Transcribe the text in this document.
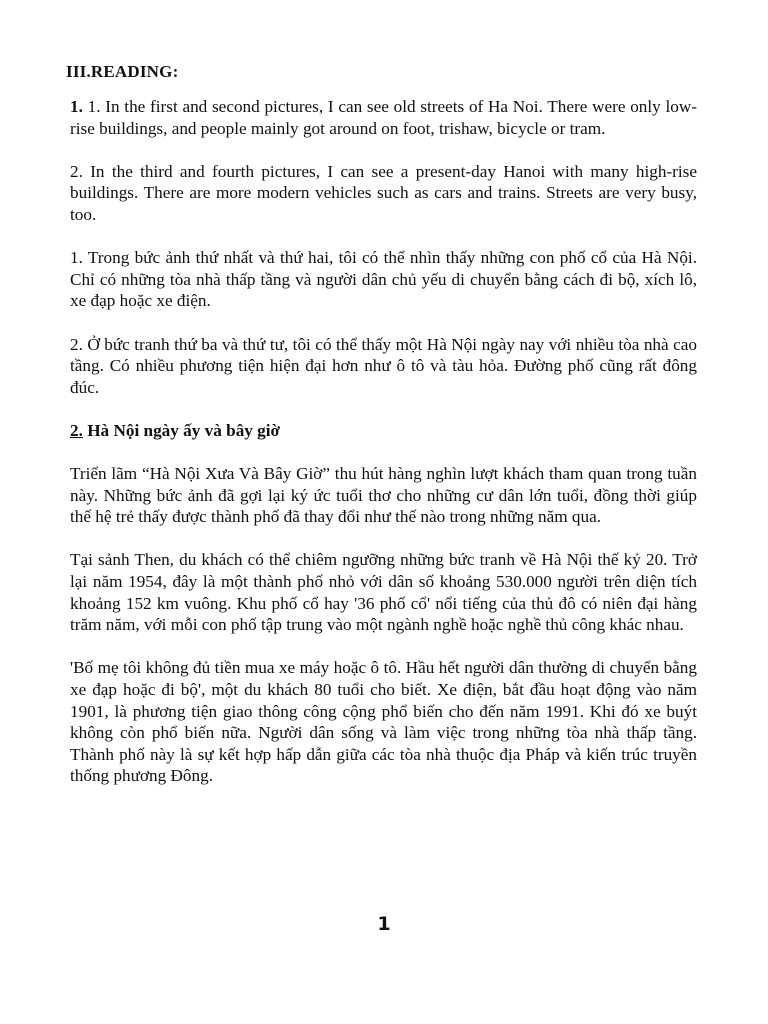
III.READING:

1. 1. In the first and second pictures, I can see old streets of Ha Noi. There were only low-rise buildings, and people mainly got around on foot, trishaw, bicycle or tram.

2. In the third and fourth pictures, I can see a present-day Hanoi with many high-rise buildings. There are more modern vehicles such as cars and trains. Streets are very busy, too.

1. Trong bức ảnh thứ nhất và thứ hai, tôi có thể nhìn thấy những con phố cổ của Hà Nội. Chỉ có những tòa nhà thấp tầng và người dân chủ yếu di chuyển bằng cách đi bộ, xích lô, xe đạp hoặc xe điện.

2. Ở bức tranh thứ ba và thứ tư, tôi có thể thấy một Hà Nội ngày nay với nhiều tòa nhà cao tầng. Có nhiều phương tiện hiện đại hơn như ô tô và tàu hỏa. Đường phố cũng rất đông đúc.

2. Hà Nội ngày ấy và bây giờ

Triển lãm “Hà Nội Xưa Và Bây Giờ” thu hút hàng nghìn lượt khách tham quan trong tuần này. Những bức ảnh đã gợi lại ký ức tuổi thơ cho những cư dân lớn tuổi, đồng thời giúp thế hệ trẻ thấy được thành phố đã thay đổi như thế nào trong những năm qua.

Tại sảnh Then, du khách có thể chiêm ngưỡng những bức tranh về Hà Nội thế kỷ 20. Trở lại năm 1954, đây là một thành phố nhỏ với dân số khoảng 530.000 người trên diện tích khoảng 152 km vuông. Khu phố cổ hay '36 phố cổ' nổi tiếng của thủ đô có niên đại hàng trăm năm, với mỗi con phố tập trung vào một ngành nghề hoặc nghề thủ công khác nhau.

'Bố mẹ tôi không đủ tiền mua xe máy hoặc ô tô. Hầu hết người dân thường di chuyển bằng xe đạp hoặc đi bộ', một du khách 80 tuổi cho biết. Xe điện, bắt đầu hoạt động vào năm 1901, là phương tiện giao thông công cộng phổ biến cho đến năm 1991. Khi đó xe buýt không còn phổ biến nữa. Người dân sống và làm việc trong những tòa nhà thấp tầng. Thành phố này là sự kết hợp hấp dẫn giữa các tòa nhà thuộc địa Pháp và kiến trúc truyền thống phương Đông.

1
